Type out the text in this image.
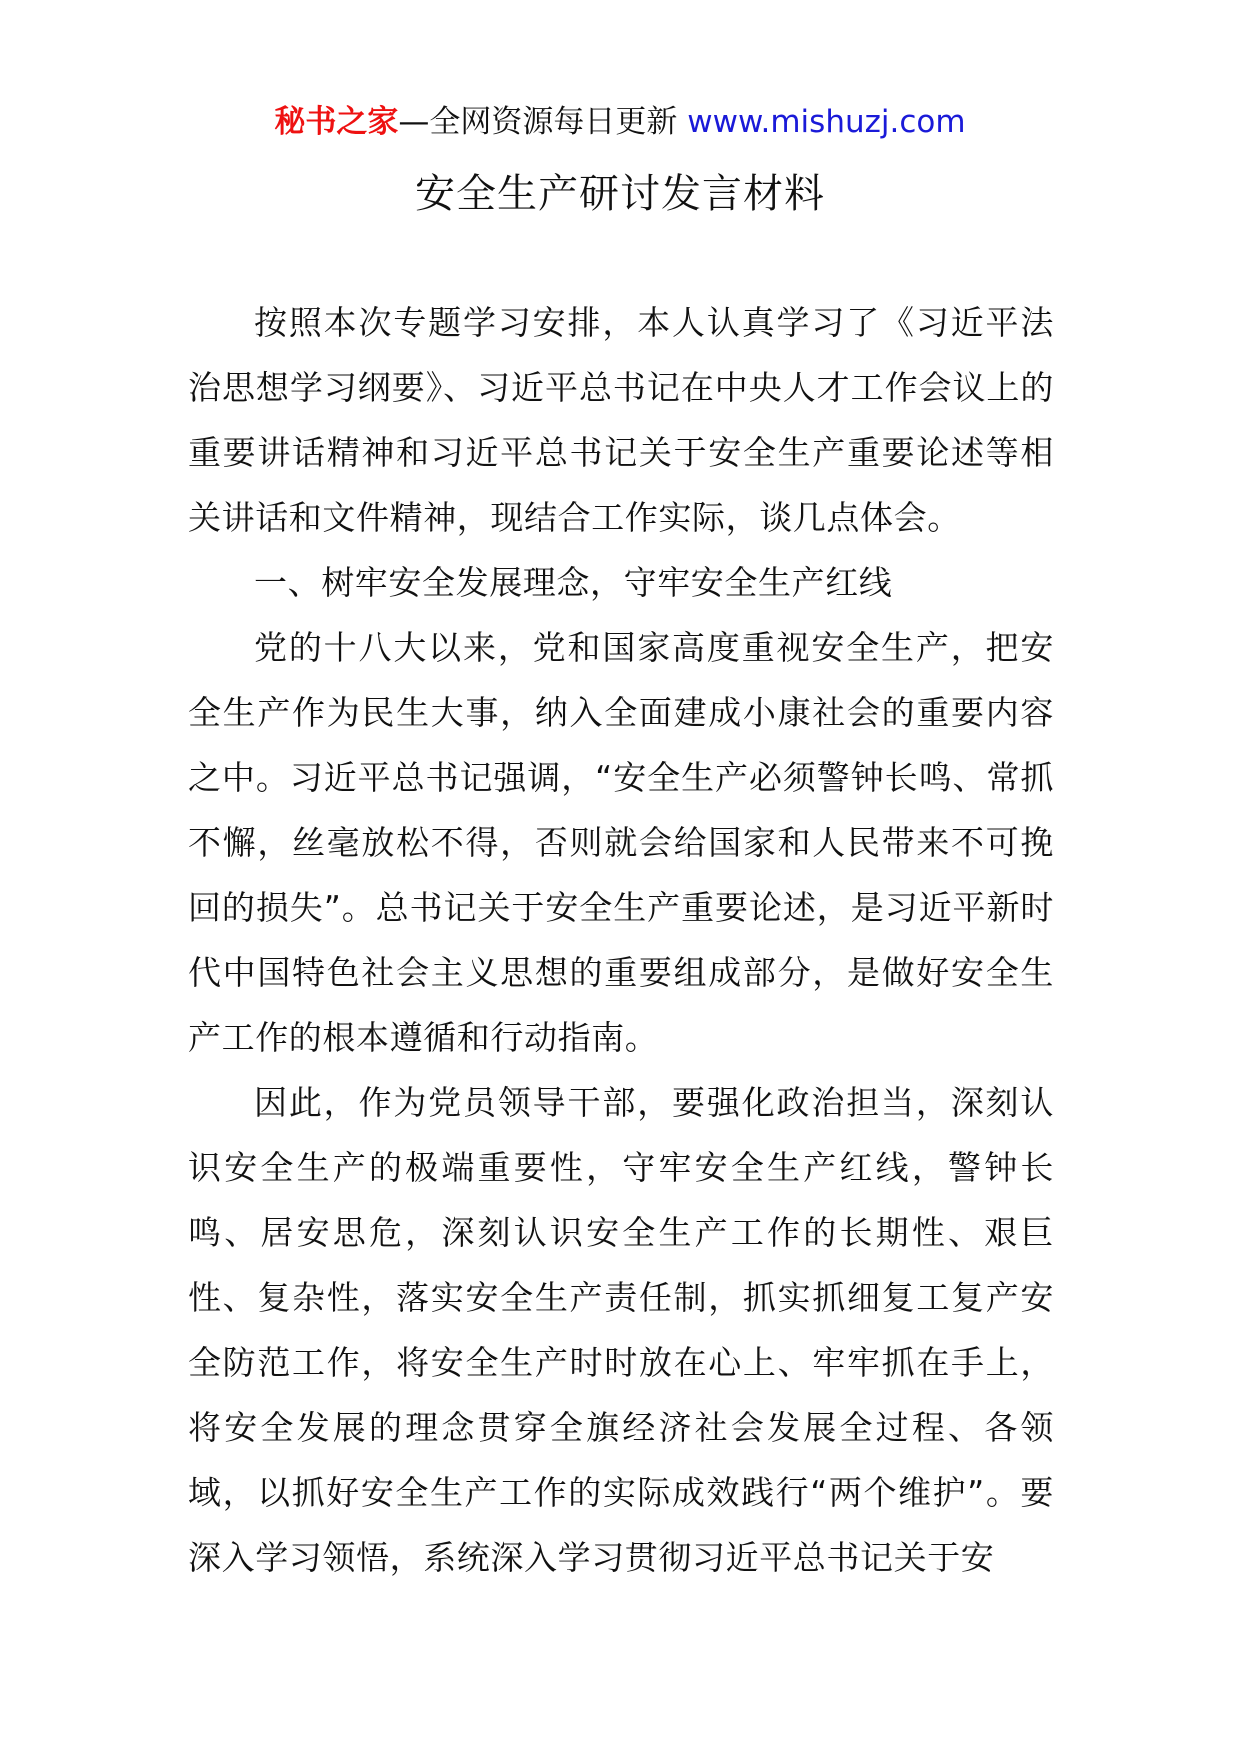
秘书之家—全网资源每日更新 www.mishuzj.com
安全生产研讨发言材料

按照本次专题学习安排，本人认真学习了《习近平法治思想学习纲要》、习近平总书记在中央人才工作会议上的重要讲话精神和习近平总书记关于安全生产重要论述等相关讲话和文件精神，现结合工作实际，谈几点体会。

一、树牢安全发展理念，守牢安全生产红线

党的十八大以来，党和国家高度重视安全生产，把安全生产作为民生大事，纳入全面建成小康社会的重要内容之中。习近平总书记强调，“安全生产必须警钟长鸣、常抓不懈，丝毫放松不得，否则就会给国家和人民带来不可挽回的损失”。总书记关于安全生产重要论述，是习近平新时代中国特色社会主义思想的重要组成部分，是做好安全生产工作的根本遵循和行动指南。

因此，作为党员领导干部，要强化政治担当，深刻认识安全生产的极端重要性，守牢安全生产红线，警钟长鸣、居安思危，深刻认识安全生产工作的长期性、艰巨性、复杂性，落实安全生产责任制，抓实抓细复工复产安全防范工作，将安全生产时时放在心上、牢牢抓在手上，将安全发展的理念贯穿全旗经济社会发展全过程、各领域，以抓好安全生产工作的实际成效践行“两个维护”。要深入学习领悟，系统深入学习贯彻习近平总书记关于安
